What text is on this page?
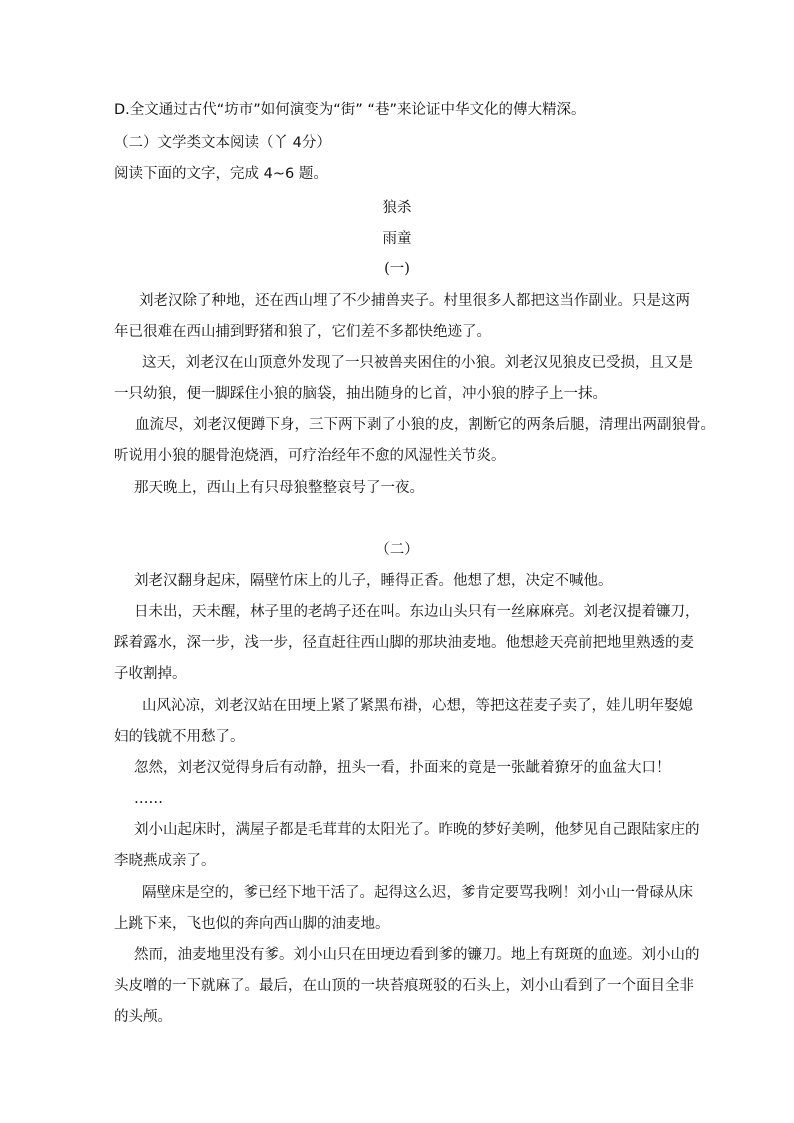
D.全文通过古代“坊市”如何演变为“街” “巷”来论证中华文化的傳大精深。
（二）文学类文本阅读（丫 4分）
阅读下面的文字，完成 4~6 题。
狼杀
雨童
(一)
刘老汉除了种地，还在西山埋了不少捕兽夹子。村里很多人都把这当作副业。只是这两
年已很难在西山捕到野猪和狼了，它们差不多都快绝迹了。
这天，刘老汉在山顶意外发现了一只被兽夹困住的小狼。刘老汉见狼皮已受损，且又是
一只幼狼，便一脚踩住小狼的脑袋，抽出随身的匕首，冲小狼的脖子上一抹。
血流尽，刘老汉便蹲下身，三下两下剥了小狼的皮，割断它的两条后腿，清理出两副狼骨。
听说用小狼的腿骨泡烧酒，可疗治经年不愈的风湿性关节炎。
那天晚上，西山上有只母狼整整哀号了一夜。
（二）
刘老汉翻身起床，隔壁竹床上的儿子，睡得正香。他想了想，决定不喊他。
日未出，天未醒，林子里的老鸪子还在叫。东边山头只有一丝麻麻亮。刘老汉提着镰刀，
踩着露水，深一步，浅一步，径直赶往西山脚的那块油麦地。他想趁天亮前把地里熟透的麦
子收割掉。
山风沁凉，刘老汉站在田埂上紧了紧黑布褂，心想，等把这茬麦子卖了，娃儿明年娶媳
妇的钱就不用愁了。
忽然，刘老汉觉得身后有动静，扭头一看，扑面来的竟是一张龇着獠牙的血盆大口！
……
刘小山起床时，满屋子都是毛茸茸的太阳光了。昨晚的梦好美咧，他梦见自己跟陆家庄的
李晓燕成亲了。
隔壁床是空的，爹已经下地干活了。起得这么迟，爹肯定要骂我咧！刘小山一骨碌从床
上跳下来，飞也似的奔向西山脚的油麦地。
然而，油麦地里没有爹。刘小山只在田埂边看到爹的镰刀。地上有斑斑的血迹。刘小山的
头皮噌的一下就麻了。最后，在山顶的一块苔痕斑驳的石头上，刘小山看到了一个面目全非
的头颅。
